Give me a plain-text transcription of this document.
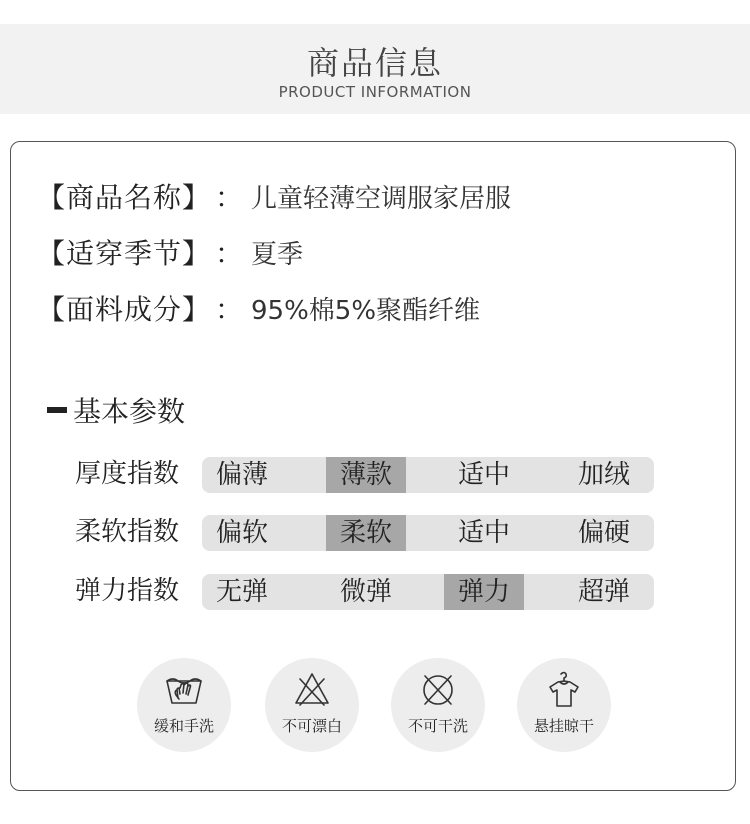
商品信息
PRODUCT INFORMATION
【商品名称】 ： 儿童轻薄空调服家居服
【适穿季节】 ： 夏季
【面料成分】 ： 95%棉5%聚酯纤维
基本参数
厚度指数	偏薄	薄款	适中	加绒
柔软指数	偏软	柔软	适中	偏硬
弹力指数	无弹	微弹	弹力	超弹
缓和手洗	不可漂白	不可干洗	悬挂晾干
